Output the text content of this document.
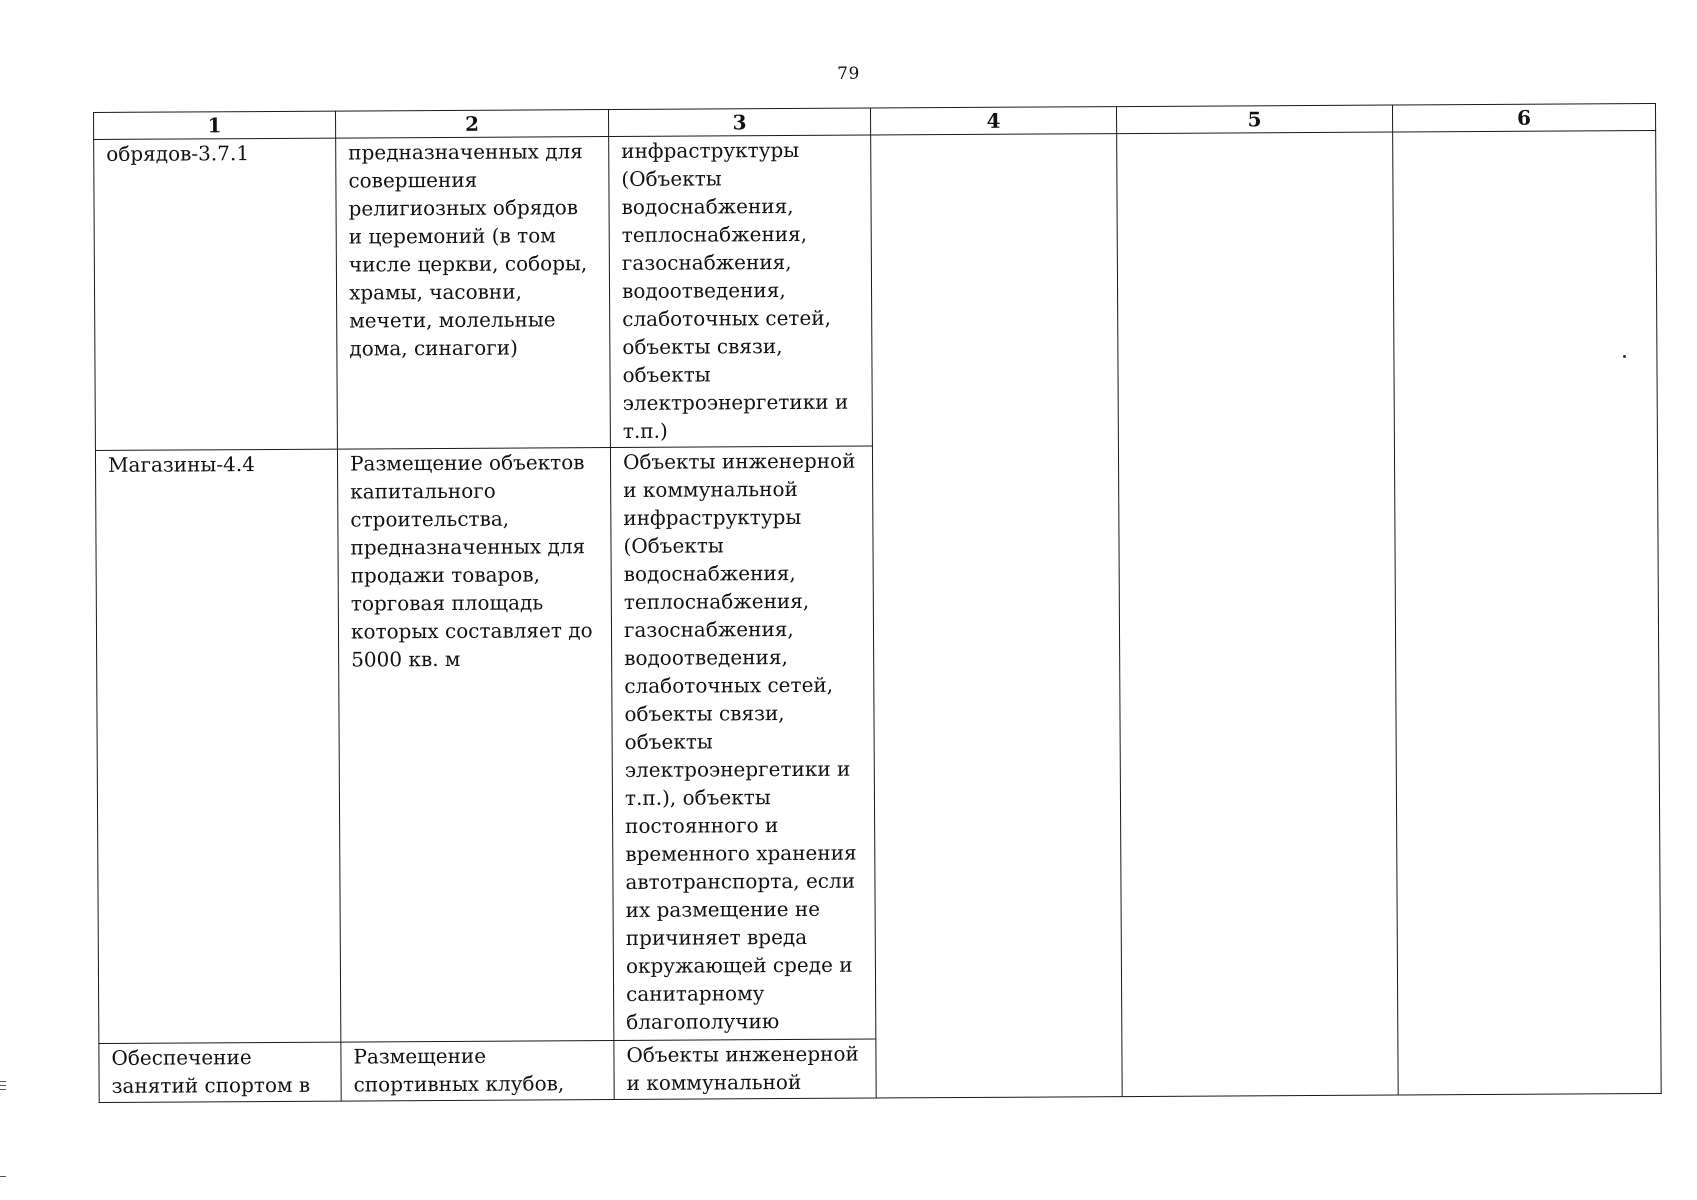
79
1	2	3	4	5	6
обрядов-3.7.1	предназначенных для совершения религиозных обрядов и церемоний (в том числе церкви, соборы, храмы, часовни, мечети, молельные дома, синагоги)	инфраструктуры (Объекты водоснабжения, теплоснабжения, газоснабжения, водоотведения, слаботочных сетей, объекты связи, объекты электроэнергетики и т.п.)			
Магазины-4.4	Размещение объектов капитального строительства, предназначенных для продажи товаров, торговая площадь которых составляет до 5000 кв. м	Объекты инженерной и коммунальной инфраструктуры (Объекты водоснабжения, теплоснабжения, газоснабжения, водоотведения, слаботочных сетей, объекты связи, объекты электроэнергетики и т.п.), объекты постоянного и временного хранения автотранспорта, если их размещение не причиняет вреда окружающей среде и санитарному благополучию			
Обеспечение занятий спортом в	Размещение спортивных клубов,	Объекты инженерной и коммунальной			
